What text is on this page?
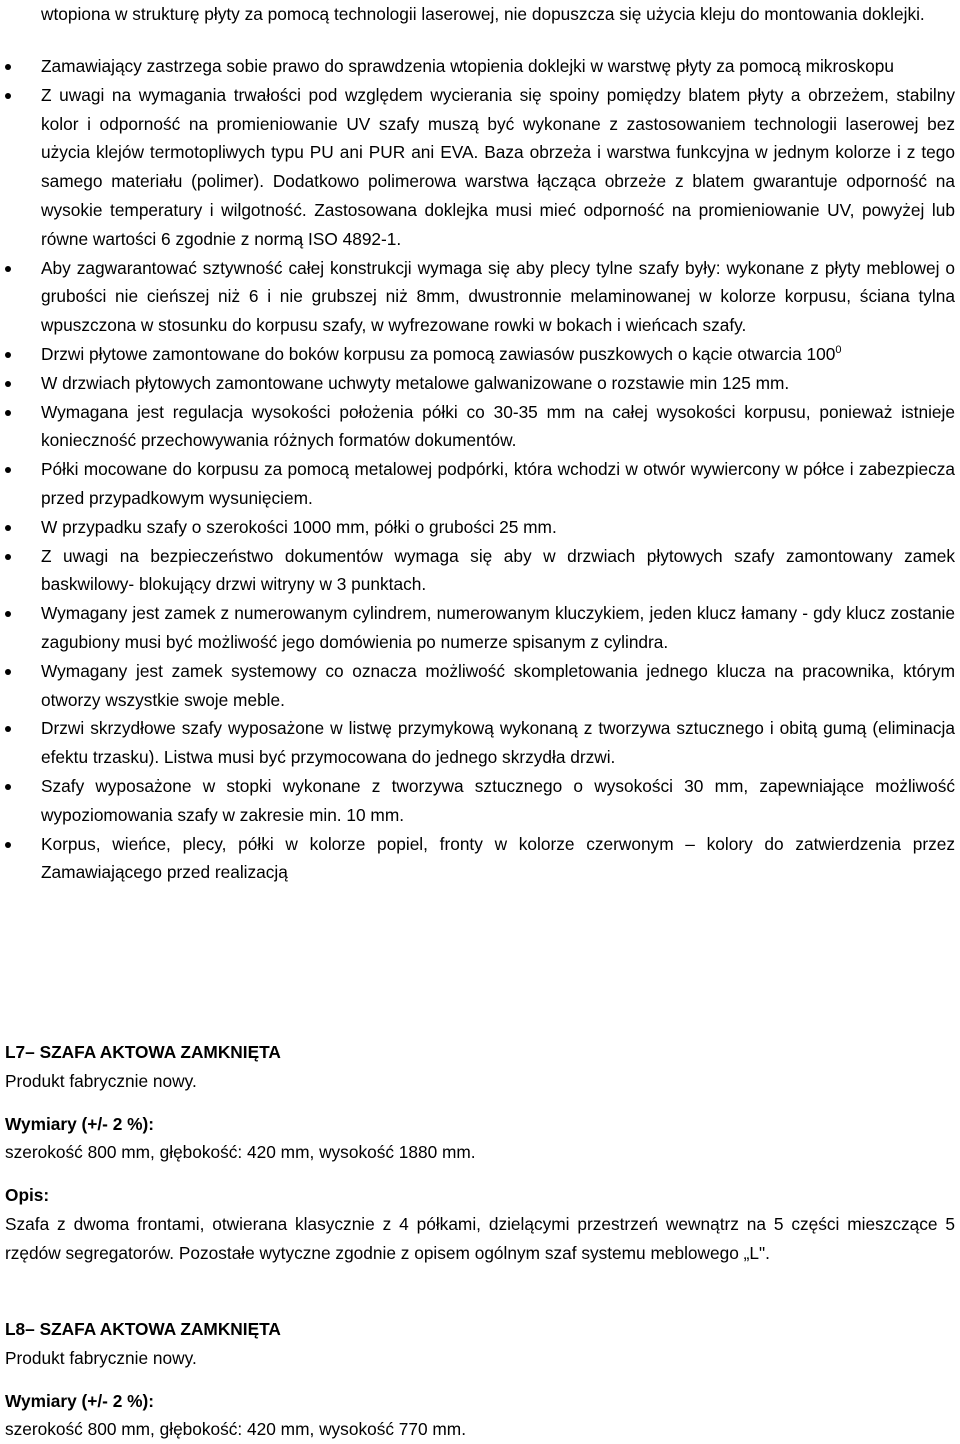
wtopiona w strukturę płyty za pomocą technologii laserowej, nie dopuszcza się użycia kleju do montowania doklejki.
Zamawiający zastrzega sobie prawo do sprawdzenia wtopienia doklejki w warstwę płyty za pomocą mikroskopu
Z uwagi na wymagania trwałości pod względem wycierania się spoiny pomiędzy blatem płyty a obrzeżem, stabilny kolor i odporność na promieniowanie UV szafy muszą być wykonane z zastosowaniem technologii laserowej bez użycia klejów termotopliwych typu PU ani PUR ani EVA. Baza obrzeża i warstwa funkcyjna w jednym kolorze i z tego samego materiału (polimer). Dodatkowo polimerowa warstwa łącząca obrzeże z blatem gwarantuje odporność na wysokie temperatury i wilgotność. Zastosowana doklejka musi mieć odporność na promieniowanie UV, powyżej lub równe wartości 6 zgodnie z normą ISO 4892-1.
Aby zagwarantować sztywność całej konstrukcji wymaga się aby plecy tylne szafy były: wykonane z płyty meblowej o grubości nie cieńszej niż 6 i nie grubszej niż 8mm, dwustronnie melaminowanej w kolorze korpusu, ściana tylna wpuszczona w stosunku do korpusu szafy, w wyfrezowane rowki w bokach i wieńcach szafy.
Drzwi płytowe zamontowane do boków korpusu za pomocą zawiasów puszkowych o kącie otwarcia $100^0$
W drzwiach płytowych zamontowane uchwyty metalowe galwanizowane o rozstawie min 125 mm.
Wymagana jest regulacja wysokości położenia półki co 30-35 mm na całej wysokości korpusu, ponieważ istnieje konieczność przechowywania różnych formatów dokumentów.
Półki mocowane do korpusu za pomocą metalowej podpórki, która wchodzi w otwór wywiercony w półce i zabezpiecza przed przypadkowym wysunięciem.
W przypadku szafy o szerokości 1000 mm, półki o grubości 25 mm.
Z uwagi na bezpieczeństwo dokumentów wymaga się aby w drzwiach płytowych szafy zamontowany zamek baskwilowy- blokujący drzwi witryny w 3 punktach.
Wymagany jest zamek z numerowanym cylindrem, numerowanym kluczykiem, jeden klucz łamany - gdy klucz zostanie zagubiony musi być możliwość jego domówienia po numerze spisanym z cylindra.
Wymagany jest zamek systemowy co oznacza możliwość skompletowania jednego klucza na pracownika, którym otworzy wszystkie swoje meble.
Drzwi skrzydłowe szafy wyposażone w listwę przymykową wykonaną z tworzywa sztucznego i obitą gumą (eliminacja efektu trzasku). Listwa musi być przymocowana do jednego skrzydła drzwi.
Szafy wyposażone w stopki wykonane z tworzywa sztucznego o wysokości 30 mm, zapewniające możliwość wypoziomowania szafy w zakresie min. 10 mm.
Korpus, wieńce, plecy, półki w kolorze popiel, fronty w kolorze czerwonym – kolory do zatwierdzenia przez Zamawiającego przed realizacją
L7– SZAFA AKTOWA ZAMKNIĘTA
Produkt fabrycznie nowy.
Wymiary (+/- 2 %):
szerokość 800 mm, głębokość: 420 mm, wysokość 1880 mm.
Opis:
Szafa z dwoma frontami, otwierana klasycznie z 4 półkami, dzielącymi przestrzeń wewnątrz na 5 części mieszczące 5 rzędów segregatorów. Pozostałe wytyczne zgodnie z opisem ogólnym szaf systemu meblowego „L".
L8– SZAFA AKTOWA ZAMKNIĘTA
Produkt fabrycznie nowy.
Wymiary (+/- 2 %):
szerokość 800 mm, głębokość: 420 mm, wysokość 770 mm.
